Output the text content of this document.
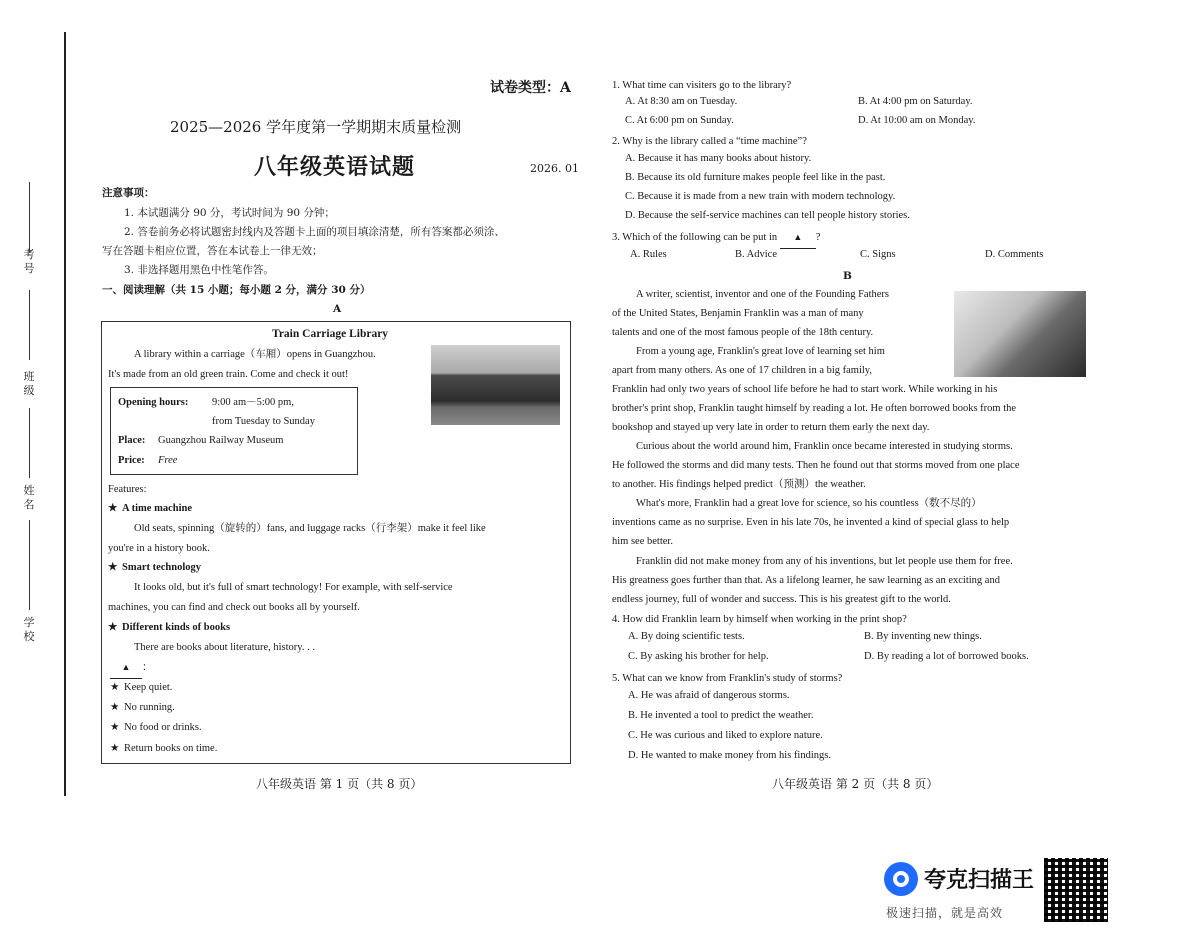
考号
班级
姓名
学校
试卷类型：A
2025—2026 学年度第一学期期末质量检测
八年级英语试题	2026. 01
注意事项：
1. 本试题满分 90 分，考试时间为 90 分钟；
2. 答卷前务必将试题密封线内及答题卡上面的项目填涂清楚，所有答案都必须涂、
写在答题卡相应位置，答在本试卷上一律无效；
3. 非选择题用黑色中性笔作答。
一、阅读理解（共 15 小题；每小题 2 分，满分 30 分）
A
Train Carriage Library
A library within a carriage（车厢）opens in Guangzhou.
It's made from an old green train. Come and check it out!
Opening hours: 9:00 am－5:00 pm,
from Tuesday to Sunday
Place: Guangzhou Railway Museum
Price: Free
Features:
★ A time machine
Old seats, spinning（旋转的）fans, and luggage racks（行李架）make it feel like
you're in a history book.
★ Smart technology
It looks old, but it's full of smart technology! For example, with self-service
machines, you can find and check out books all by yourself.
★ Different kinds of books
There are books about literature, history. . .
▲ ：
★ Keep quiet.
★ No running.
★ No food or drinks.
★ Return books on time.
八年级英语 第 1 页（共 8 页）
1. What time can visiters go to the library?
A. At 8:30 am on Tuesday.	B. At 4:00 pm on Saturday.
C. At 6:00 pm on Sunday.	D. At 10:00 am on Monday.
2. Why is the library called a “time machine”?
A. Because it has many books about history.
B. Because its old furniture makes people feel like in the past.
C. Because it is made from a new train with modern technology.
D. Because the self-service machines can tell people history stories.
3. Which of the following can be put in ▲ ?
A. Rules	B. Advice	C. Signs	D. Comments
B
A writer, scientist, inventor and one of the Founding Fathers
of the United States, Benjamin Franklin was a man of many
talents and one of the most famous people of the 18th century.
From a young age, Franklin's great love of learning set him
apart from many others. As one of 17 children in a big family,
Franklin had only two years of school life before he had to start work. While working in his
brother's print shop, Franklin taught himself by reading a lot. He often borrowed books from the
bookshop and stayed up very late in order to return them early the next day.
Curious about the world around him, Franklin once became interested in studying storms.
He followed the storms and did many tests. Then he found out that storms moved from one place
to another. His findings helped predict（预测）the weather.
What's more, Franklin had a great love for science, so his countless（数不尽的）
inventions came as no surprise. Even in his late 70s, he invented a kind of special glass to help
him see better.
Franklin did not make money from any of his inventions, but let people use them for free.
His greatness goes further than that. As a lifelong learner, he saw learning as an exciting and
endless journey, full of wonder and success. This is his greatest gift to the world.
4. How did Franklin learn by himself when working in the print shop?
A. By doing scientific tests.	B. By inventing new things.
C. By asking his brother for help.	D. By reading a lot of borrowed books.
5. What can we know from Franklin's study of storms?
A. He was afraid of dangerous storms.
B. He invented a tool to predict the weather.
C. He was curious and liked to explore nature.
D. He wanted to make money from his findings.
八年级英语 第 2 页（共 8 页）
夸克扫描王
极速扫描，就是高效
